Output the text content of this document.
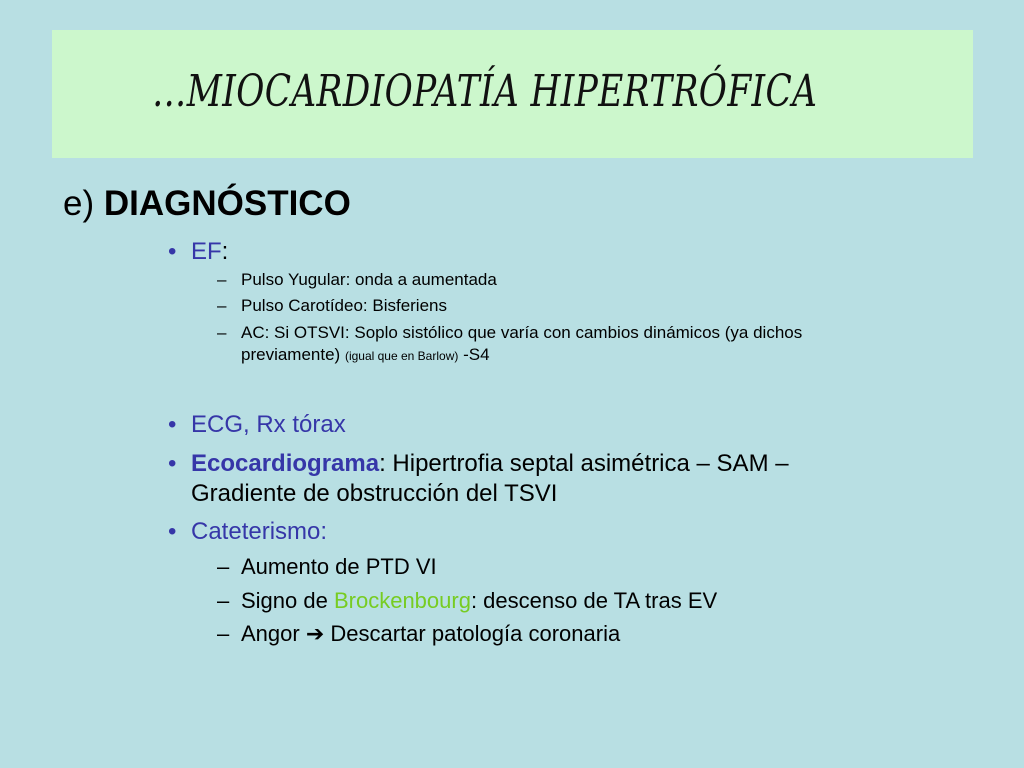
…MIOCARDIOPATÍA HIPERTRÓFICA
e) DIAGNÓSTICO
• EF:
– Pulso Yugular: onda a aumentada
– Pulso Carotídeo: Bisferiens
– AC: Si OTSVI: Soplo sistólico que varía con cambios dinámicos (ya dichos
previamente) (igual que en Barlow) -S4
• ECG, Rx tórax
• Ecocardiograma: Hipertrofia septal asimétrica – SAM –
Gradiente de obstrucción del TSVI
• Cateterismo:
– Aumento de PTD VI
– Signo de Brockenbourg: descenso de TA tras EV
– Angor ➔ Descartar patología coronaria
